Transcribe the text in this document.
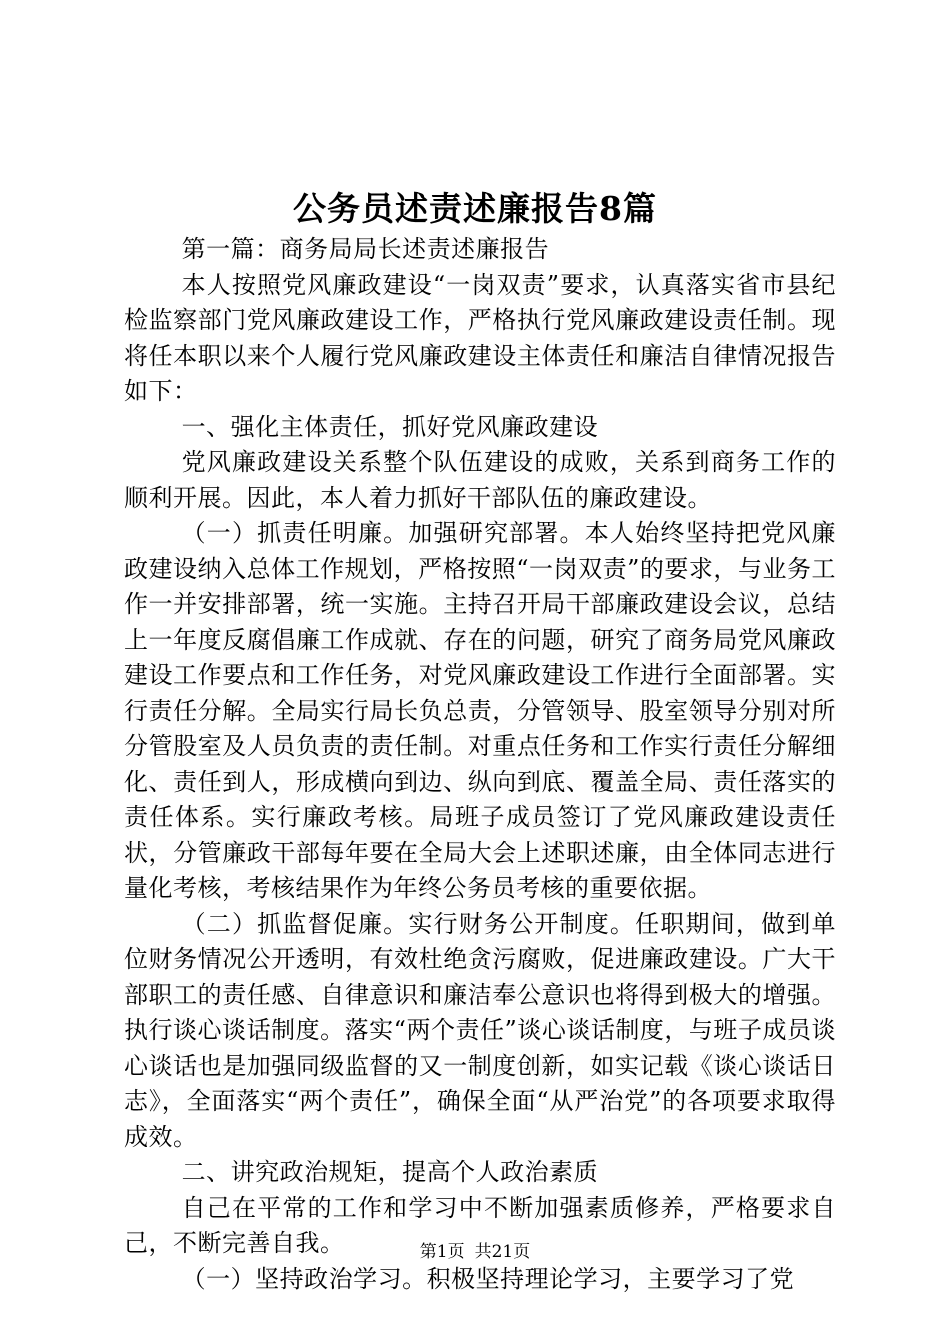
公务员述责述廉报告8篇

第一篇：商务局局长述责述廉报告

本人按照党风廉政建设“一岗双责”要求，认真落实省市县纪检监察部门党风廉政建设工作，严格执行党风廉政建设责任制。现将任本职以来个人履行党风廉政建设主体责任和廉洁自律情况报告如下：

一、强化主体责任，抓好党风廉政建设

党风廉政建设关系整个队伍建设的成败，关系到商务工作的顺利开展。因此，本人着力抓好干部队伍的廉政建设。

（一）抓责任明廉。加强研究部署。本人始终坚持把党风廉政建设纳入总体工作规划，严格按照“一岗双责”的要求，与业务工作一并安排部署，统一实施。主持召开局干部廉政建设会议，总结上一年度反腐倡廉工作成就、存在的问题，研究了商务局党风廉政建设工作要点和工作任务，对党风廉政建设工作进行全面部署。实行责任分解。全局实行局长负总责，分管领导、股室领导分别对所分管股室及人员负责的责任制。对重点任务和工作实行责任分解细化、责任到人，形成横向到边、纵向到底、覆盖全局、责任落实的责任体系。实行廉政考核。局班子成员签订了党风廉政建设责任状，分管廉政干部每年要在全局大会上述职述廉，由全体同志进行量化考核，考核结果作为年终公务员考核的重要依据。

（二）抓监督促廉。实行财务公开制度。任职期间，做到单位财务情况公开透明，有效杜绝贪污腐败，促进廉政建设。广大干部职工的责任感、自律意识和廉洁奉公意识也将得到极大的增强。执行谈心谈话制度。落实“两个责任”谈心谈话制度，与班子成员谈心谈话也是加强同级监督的又一制度创新，如实记载《谈心谈话日志》，全面落实“两个责任”，确保全面“从严治党”的各项要求取得成效。

二、讲究政治规矩，提高个人政治素质

自己在平常的工作和学习中不断加强素质修养，严格要求自己，不断完善自我。

（一）坚持政治学习。积极坚持理论学习，主要学习了党

第1页 共21页
